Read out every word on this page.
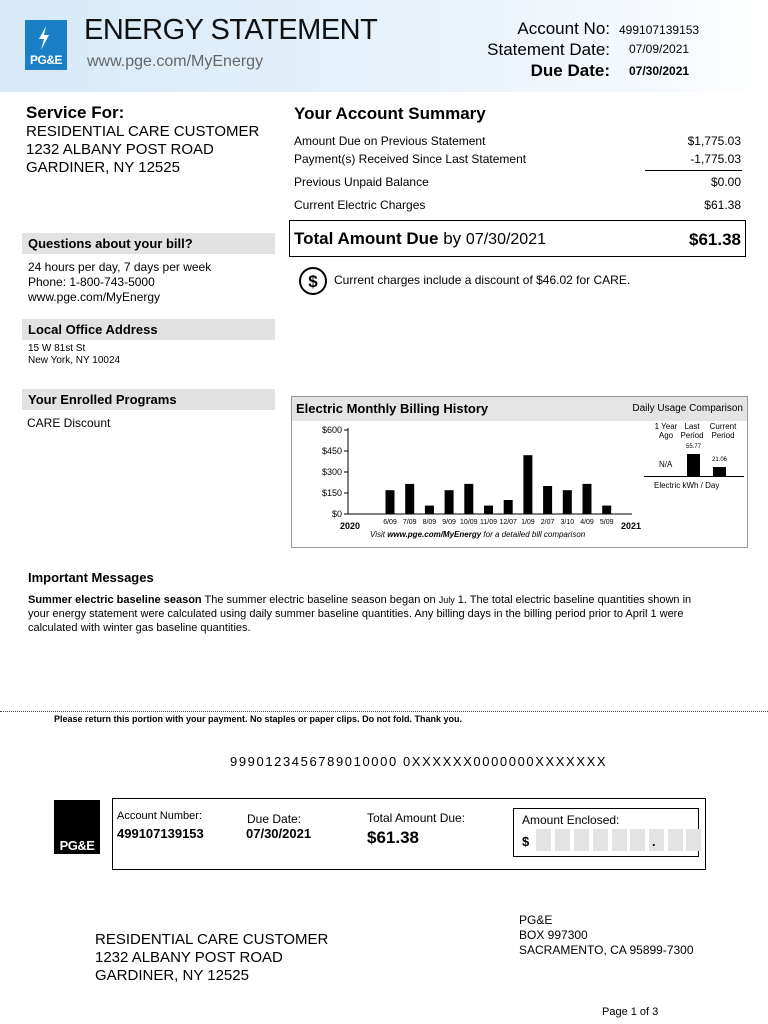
PG&E
ENERGY STATEMENT
www.pge.com/MyEnergy
Account No: 499107139153
Statement Date: 07/09/2021
Due Date: 07/30/2021
Service For:
RESIDENTIAL CARE CUSTOMER
1232 ALBANY POST ROAD
GARDINER, NY 12525
Questions about your bill?
24 hours per day, 7 days per week
Phone: 1-800-743-5000
www.pge.com/MyEnergy
Local Office Address
15 W 81st St
New York, NY 10024
Your Enrolled Programs
CARE Discount
Your Account Summary
Amount Due on Previous Statement	$1,775.03
Payment(s) Received Since Last Statement	-1,775.03
Previous Unpaid Balance	$0.00
Current Electric Charges	$61.38
Total Amount Due by 07/30/2021	$61.38
$ Current charges include a discount of $46.02 for CARE.
Electric Monthly Billing History	Daily Usage Comparison
$0
$150
$300
$450
$600
6/09 7/09 8/09 9/09 10/09 11/09 12/07 1/09 2/07 3/10 4/09 5/09
2020	2021
1 Year
Ago
Last
Period
Current
Period
N/A
55.77
21.06
Electric kWh / Day
Visit www.pge.com/MyEnergy for a detailed bill comparison
Important Messages
Summer electric baseline season The summer electric baseline season began on July 1. The total electric baseline quantities shown in
your energy statement were calculated using daily summer baseline quantities. Any billing days in the billing period prior to April 1 were
calculated with winter gas baseline quantities.
Please return this portion with your payment. No staples or paper clips. Do not fold. Thank you.
9990123456789010000 0XXXXXX0000000XXXXXXX
PG&E
Account Number:
499107139153
Due Date:
07/30/2021
Total Amount Due:
$61.38
Amount Enclosed:
$	.
RESIDENTIAL CARE CUSTOMER
1232 ALBANY POST ROAD
GARDINER, NY 12525
PG&E
BOX 997300
SACRAMENTO, CA 95899-7300
Page 1 of 3
